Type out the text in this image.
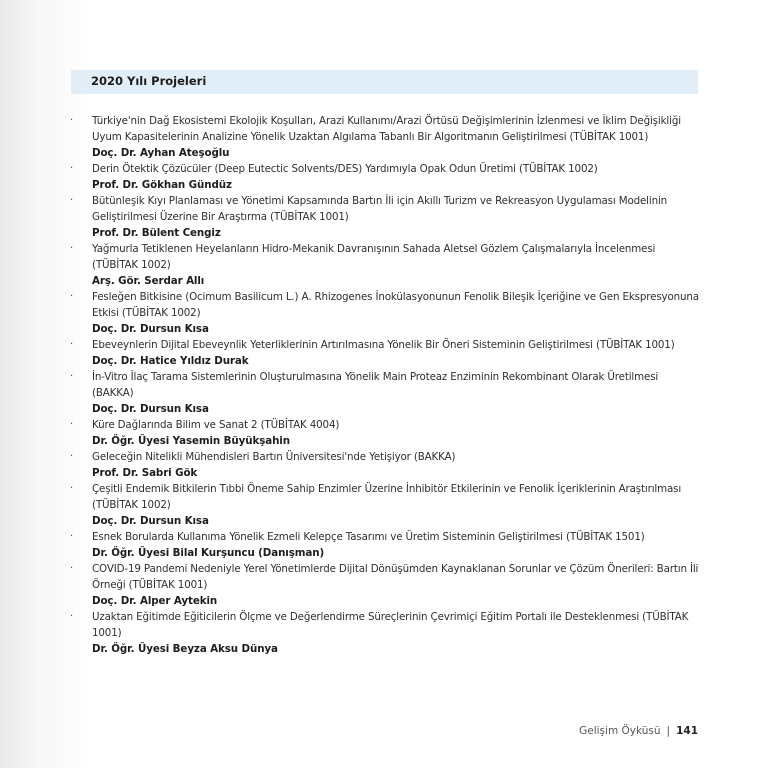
2020 Yılı Projeleri
· Türkiye'nin Dağ Ekosistemi Ekolojik Koşulları, Arazi Kullanımı/Arazi Örtüsü Değişimlerinin İzlenmesi ve İklim Değişikliği Uyum Kapasitelerinin Analizine Yönelik Uzaktan Algılama Tabanlı Bir Algoritmanın Geliştirilmesi (TÜBİTAK 1001)
Doç. Dr. Ayhan Ateşoğlu
· Derin Ötektik Çözücüler (Deep Eutectic Solvents/DES) Yardımıyla Opak Odun Üretimi (TÜBİTAK 1002)
Prof. Dr. Gökhan Gündüz
· Bütünleşik Kıyı Planlaması ve Yönetimi Kapsamında Bartın İli için Akıllı Turizm ve Rekreasyon Uygulaması Modelinin Geliştirilmesi Üzerine Bir Araştırma (TÜBİTAK 1001)
Prof. Dr. Bülent Cengiz
· Yağmurla Tetiklenen Heyelanların Hidro-Mekanik Davranışının Sahada Aletsel Gözlem Çalışmalarıyla İncelenmesi (TÜBİTAK 1002)
Arş. Gör. Serdar Allı
· Fesleğen Bitkisine (Ocimum Basilicum L.) A. Rhizogenes İnokülasyonunun Fenolik Bileşik İçeriğine ve Gen Ekspresyonuna Etkisi (TÜBİTAK 1002)
Doç. Dr. Dursun Kısa
· Ebeveynlerin Dijital Ebeveynlik Yeterliklerinin Artırılmasına Yönelik Bir Öneri Sisteminin Geliştirilmesi (TÜBİTAK 1001)
Doç. Dr. Hatice Yıldız Durak
· İn-Vitro İlaç Tarama Sistemlerinin Oluşturulmasına Yönelik Main Proteaz Enziminin Rekombinant Olarak Üretilmesi (BAKKA)
Doç. Dr. Dursun Kısa
· Küre Dağlarında Bilim ve Sanat 2 (TÜBİTAK 4004)
Dr. Öğr. Üyesi Yasemin Büyükşahin
· Geleceğin Nitelikli Mühendisleri Bartın Üniversitesi'nde Yetişiyor (BAKKA)
Prof. Dr. Sabri Gök
· Çeşitli Endemik Bitkilerin Tıbbi Öneme Sahip Enzimler Üzerine İnhibitör Etkilerinin ve Fenolik İçeriklerinin Araştırılması (TÜBİTAK 1002)
Doç. Dr. Dursun Kısa
· Esnek Borularda Kullanıma Yönelik Ezmeli Kelepçe Tasarımı ve Üretim Sisteminin Geliştirilmesi (TÜBİTAK 1501)
Dr. Öğr. Üyesi Bilal Kurşuncu (Danışman)
· COVID-19 Pandemi Nedeniyle Yerel Yönetimlerde Dijital Dönüşümden Kaynaklanan Sorunlar ve Çözüm Önerileri: Bartın İli Örneği (TÜBİTAK 1001)
Doç. Dr. Alper Aytekin
· Uzaktan Eğitimde Eğiticilerin Ölçme ve Değerlendirme Süreçlerinin Çevrimiçi Eğitim Portalı ile Desteklenmesi (TÜBİTAK 1001)
Dr. Öğr. Üyesi Beyza Aksu Dünya
Gelişim Öyküsü | 141
